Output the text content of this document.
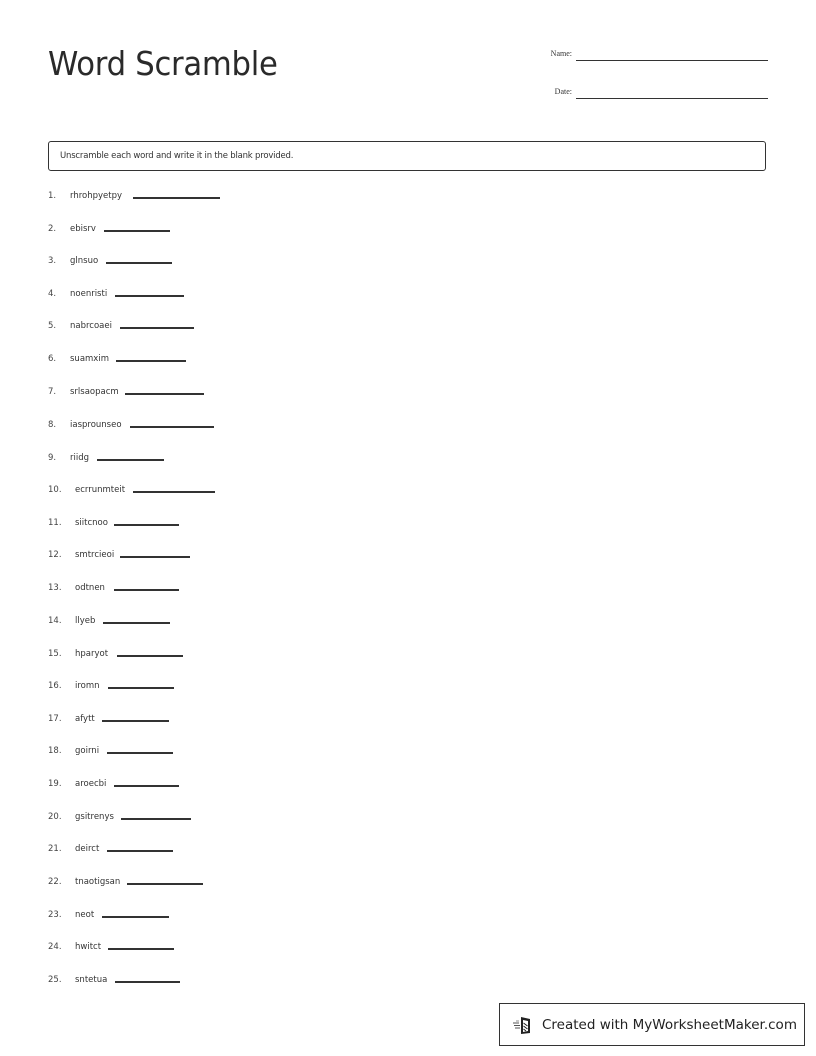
Word Scramble	Name:
Date:
Unscramble each word and write it in the blank provided.
1. rhrohpyetpy
2. ebisrv
3. glnsuo
4. noenristi
5. nabrcoaei
6. suamxim
7. srlsaopacm
8. iasprounseo
9. riidg
10. ecrrunmteit
11. siitcnoo
12. smtrcieoi
13. odtnen
14. llyeb
15. hparyot
16. iromn
17. afytt
18. goirni
19. aroecbi
20. gsitrenys
21. deirct
22. tnaotigsan
23. neot
24. hwitct
25. sntetua
Created with MyWorksheetMaker.com
